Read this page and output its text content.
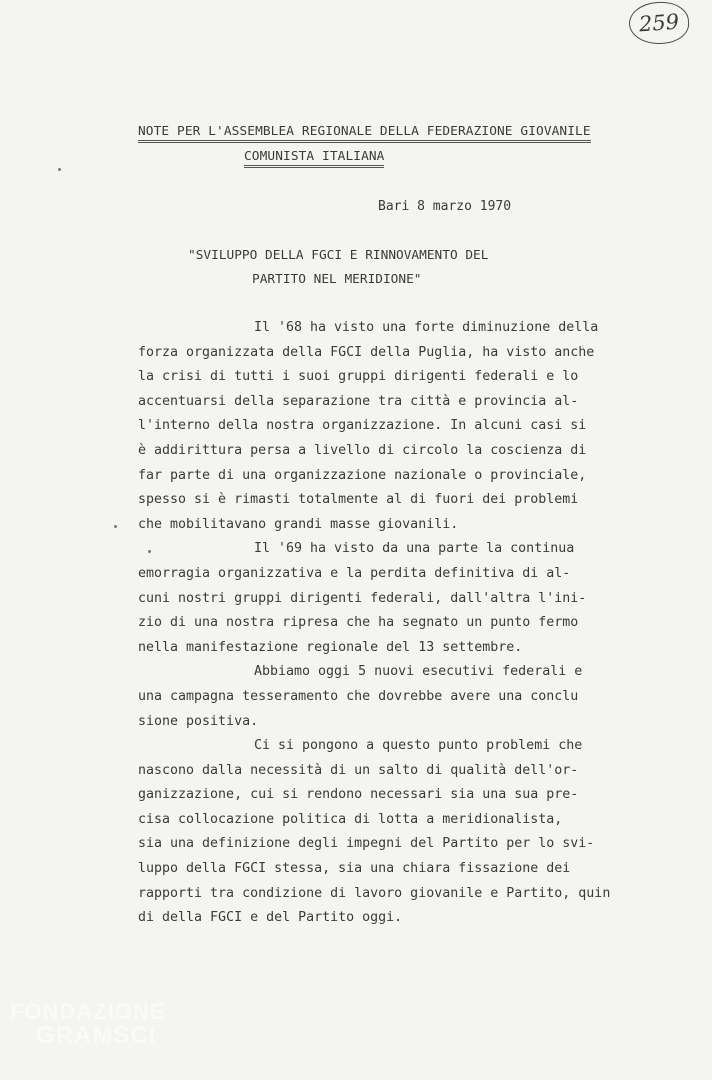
259
NOTE PER L'ASSEMBLEA REGIONALE DELLA FEDERAZIONE GIOVANILE
COMUNISTA ITALIANA
Bari 8 marzo 1970
"SVILUPPO DELLA FGCI E RINNOVAMENTO DEL
PARTITO NEL MERIDIONE"
Il '68 ha visto una forte diminuzione della
forza organizzata della FGCI della Puglia, ha visto anche
la crisi di tutti i suoi gruppi dirigenti federali e lo
accentuarsi della separazione tra città e provincia al-
l'interno della nostra organizzazione. In alcuni casi si
è addirittura persa a livello di circolo la coscienza di
far parte di una organizzazione nazionale o provinciale,
spesso si è rimasti totalmente al di fuori dei problemi
che mobilitavano grandi masse giovanili.
Il '69 ha visto da una parte la continua
emorragia organizzativa e la perdita definitiva di al-
cuni nostri gruppi dirigenti federali, dall'altra l'ini-
zio di una nostra ripresa che ha segnato un punto fermo
nella manifestazione regionale del 13 settembre.
Abbiamo oggi 5 nuovi esecutivi federali e
una campagna tesseramento che dovrebbe avere una conclu
sione positiva.
Ci si pongono a questo punto problemi che
nascono dalla necessità di un salto di qualità dell'or-
ganizzazione, cui si rendono necessari sia una sua pre-
cisa collocazione politica di lotta a meridionalista,
sia una definizione degli impegni del Partito per lo svi-
luppo della FGCI stessa, sia una chiara fissazione dei
rapporti tra condizione di lavoro giovanile e Partito, quin
di della FGCI e del Partito oggi.
FONDAZIONE
GRAMSCI
